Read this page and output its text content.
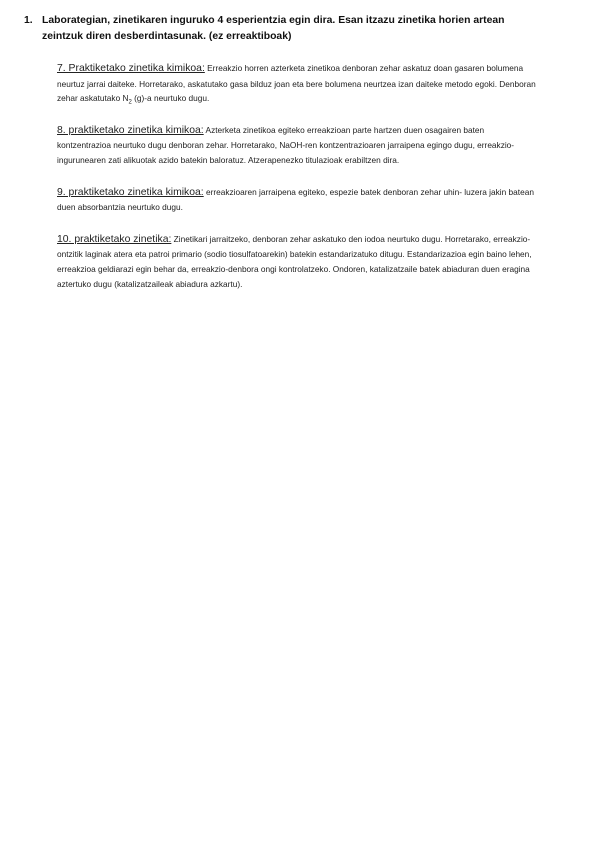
1. Laborategian, zinetikaren inguruko 4 esperientzia egin dira. Esan itzazu zinetika horien artean zeintzuk diren desberdintasunak. (ez erreaktiboak)

7. Praktiketako zinetika kimikoa: Erreakzio horren azterketa zinetikoa denboran zehar askatuz doan gasaren bolumena neurtuz jarrai daiteke. Horretarako, askatutako gasa bilduz joan eta bere bolumena neurtzea izan daiteke metodo egoki. Denboran zehar askatutako $N_2$ (g)-a neurtuko dugu.

8. praktiketako zinetika kimikoa: Azterketa zinetikoa egiteko erreakzioan parte hartzen duen osagairen baten kontzentrazioa neurtuko dugu denboran zehar. Horretarako, NaOH-ren kontzentrazioaren jarraipena egingo dugu, erreakzio-ingurunearen zati alikuotak azido batekin baloratuz. Atzerapenezko titulazioak erabiltzen dira.

9. praktiketako zinetika kimikoa: erreakzioaren jarraipena egiteko, espezie batek denboran zehar uhin- luzera jakin batean duen absorbantzia neurtuko dugu.

10. praktiketako zinetika: Zinetikari jarraitzeko, denboran zehar askatuko den iodoa neurtuko dugu. Horretarako, erreakzio-ontzitik laginak atera eta patroi primario (sodio tiosulfatoarekin) batekin estandarizatuko ditugu. Estandarizazioa egin baino lehen, erreakzioa geldiarazi egin behar da, erreakzio-denbora ongi kontrolatzeko. Ondoren, katalizatzaile batek abiaduran duen eragina aztertuko dugu (katalizatzaileak abiadura azkartu).
